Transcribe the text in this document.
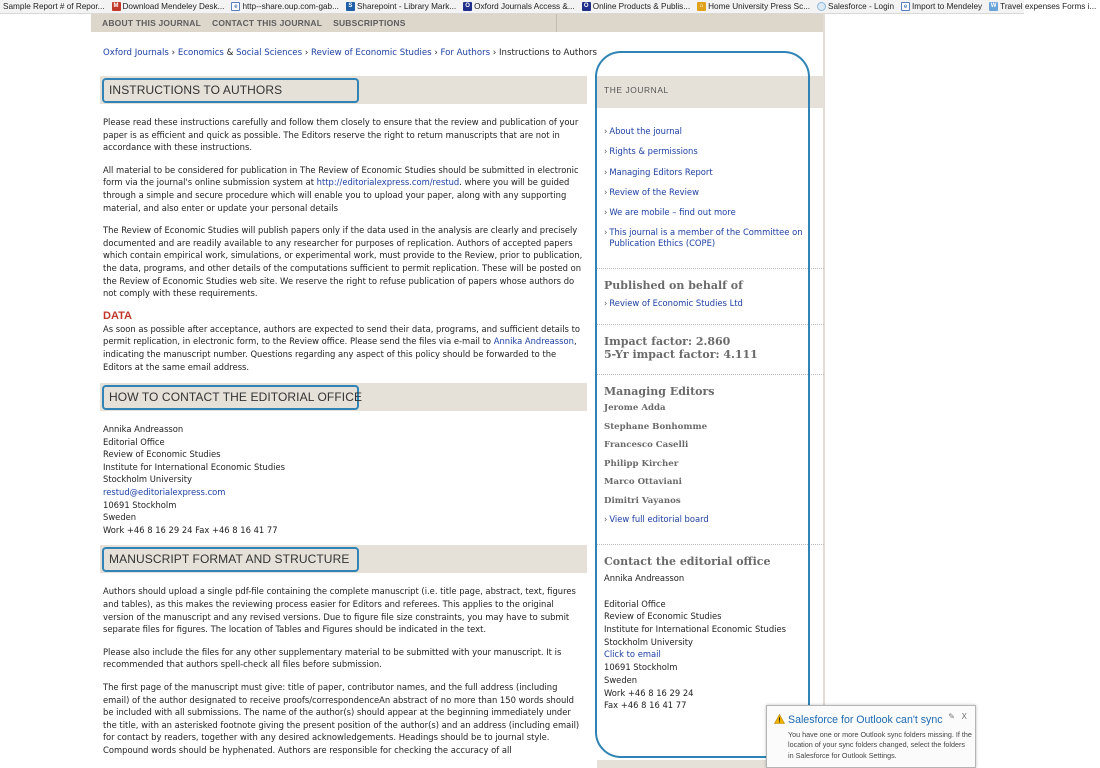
Sample Report # of Repor...	M Download Mendeley Desk...	e http--share.oup.com-gab...	S Sharepoint - Library Mark...	O Oxford Journals Access &...	O Online Products & Publis...	⌂ Home University Press Sc... Salesforce - Login	e Import to Mendeley W Travel expenses Forms i...
ABOUT THIS JOURNAL CONTACT THIS JOURNAL SUBSCRIPTIONS
Oxford Journals › Economics & Social Sciences › Review of Economic Studies › For Authors › Instructions to Authors
INSTRUCTIONS TO AUTHORS

Please read these instructions carefully and follow them closely to ensure that the review and publication of your paper is as efficient and quick as possible. The Editors reserve the right to return manuscripts that are not in accordance with these instructions.

All material to be considered for publication in The Review of Economic Studies should be submitted in electronic form via the journal's online submission system at http://editorialexpress.com/restud. where you will be guided through a simple and secure procedure which will enable you to upload your paper, along with any supporting material, and also enter or update your personal details

The Review of Economic Studies will publish papers only if the data used in the analysis are clearly and precisely documented and are readily available to any researcher for purposes of replication. Authors of accepted papers which contain empirical work, simulations, or experimental work, must provide to the Review, prior to publication, the data, programs, and other details of the computations sufficient to permit replication. These will be posted on the Review of Economic Studies web site. We reserve the right to refuse publication of papers whose authors do not comply with these requirements.

DATA

As soon as possible after acceptance, authors are expected to send their data, programs, and sufficient details to permit replication, in electronic form, to the Review office. Please send the files via e-mail to Annika Andreasson, indicating the manuscript number. Questions regarding any aspect of this policy should be forwarded to the Editors at the same email address.

HOW TO CONTACT THE EDITORIAL OFFICE
Annika Andreasson
Editorial Office
Review of Economic Studies
Institute for International Economic Studies
Stockholm University
restud@editorialexpress.com
10691 Stockholm
Sweden
Work +46 8 16 29 24 Fax +46 8 16 41 77
MANUSCRIPT FORMAT AND STRUCTURE

Authors should upload a single pdf-file containing the complete manuscript (i.e. title page, abstract, text, figures and tables), as this makes the reviewing process easier for Editors and referees. This applies to the original version of the manuscript and any revised versions. Due to figure file size constraints, you may have to submit separate files for figures. The location of Tables and Figures should be indicated in the text.

Please also include the files for any other supplementary material to be submitted with your manuscript. It is recommended that authors spell-check all files before submission.

The first page of the manuscript must give: title of paper, contributor names, and the full address (including email) of the author designated to receive proofs/correspondenceAn abstract of no more than 150 words should be included with all submissions. The name of the author(s) should appear at the beginning immediately under the title, with an asterisked footnote giving the present position of the author(s) and an address (including email) for contact by readers, together with any desired acknowledgements. Headings should be to journal style. Compound words should be hyphenated. Authors are responsible for checking the accuracy of all

THE JOURNAL
› About the journal
› Rights & permissions
› Managing Editors Report
› Review of the Review
› We are mobile – find out more
› This journal is a member of the Committee on Publication Ethics (COPE)
Published on behalf of
› Review of Economic Studies Ltd
Impact factor: 2.860
5-Yr impact factor: 4.111
Managing Editors
Jerome Adda
Stephane Bonhomme
Francesco Caselli
Philipp Kircher
Marco Ottaviani
Dimitri Vayanos
› View full editorial board
Contact the editorial office
Annika Andreasson
Editorial Office
Review of Economic Studies
Institute for International Economic Studies
Stockholm University
Click to email
10691 Stockholm
Sweden
Work +46 8 16 29 24
Fax +46 8 16 41 77
Salesforce for Outlook can't sync ✎ X
You have one or more Outlook sync folders missing. If the location of your sync folders changed, select the folders in Salesforce for Outlook Settings.
